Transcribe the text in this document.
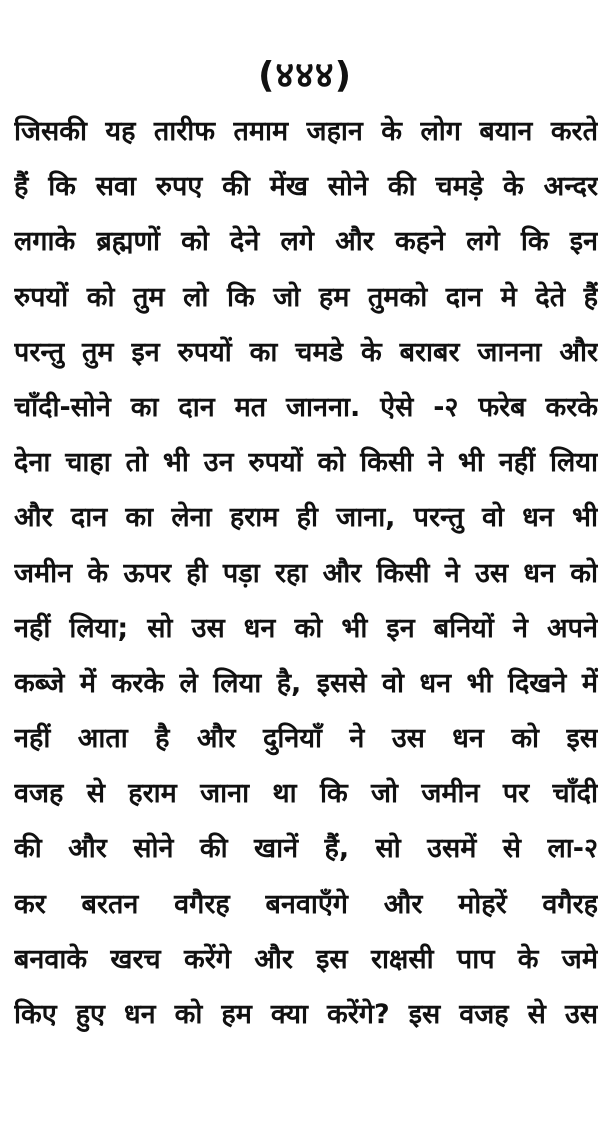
(४४४)
जिसकी यह तारीफ तमाम जहान के लोग बयान करते
हैं कि सवा रुपए की मेंख सोने की चमड़े के अन्दर
लगाके ब्रह्मणों को देने लगे और कहने लगे कि इन
रुपयों को तुम लो कि जो हम तुमको दान मे देते हैं
परन्तु तुम इन रुपयों का चमडे के बराबर जानना और
चाँदी-सोने का दान मत जानना. ऐसे -२ फरेब करके
देना चाहा तो भी उन रुपयों को किसी ने भी नहीं लिया
और दान का लेना हराम ही जाना, परन्तु वो धन भी
जमीन के ऊपर ही पड़ा रहा और किसी ने उस धन को
नहीं लिया; सो उस धन को भी इन बनियों ने अपने
कब्जे में करके ले लिया है, इससे वो धन भी दिखने में
नहीं आता है और दुनियाँ ने उस धन को इस
वजह से हराम जाना था कि जो जमीन पर चाँदी
की और सोने की खानें हैं, सो उसमें से ला-२
कर बरतन वगैरह बनवाएँगे और मोहरें वगैरह
बनवाके खरच करेंगे और इस राक्षसी पाप के जमे
किए हुए धन को हम क्या करेंगे? इस वजह से उस
